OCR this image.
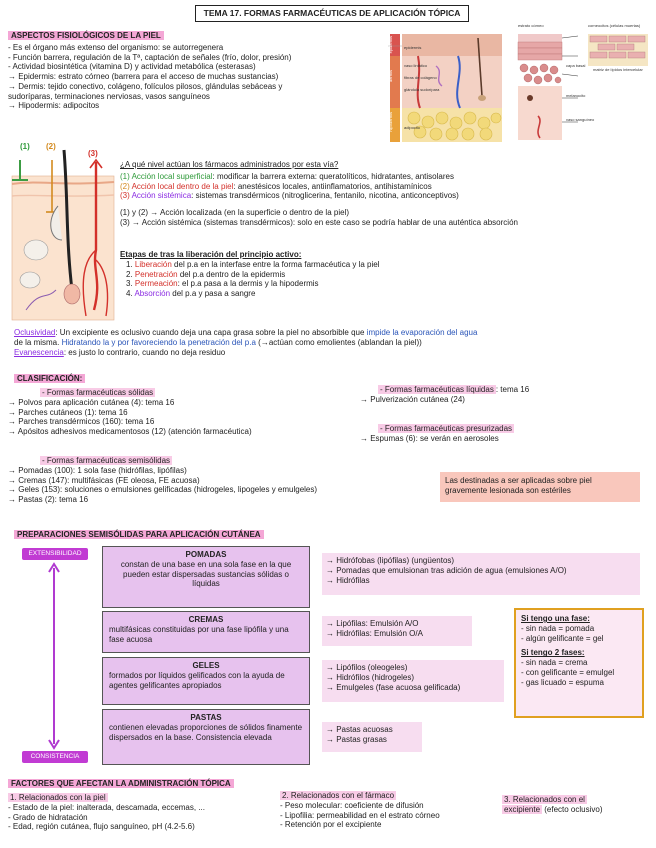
TEMA 17. FORMAS FARMACÉUTICAS DE APLICACIÓN TÓPICA
ASPECTOS FISIOLÓGICOS DE LA PIEL
- Es el órgano más extenso del organismo: se autorregenera
- Función barrera, regulación de la Tª, captación de señales (frío, dolor, presión)
- Actividad biosintética (vitamina D) y actividad metabólica (esterasas)
→ Epidermis: estrato córneo (barrera para el acceso de muchas sustancias)
→ Dermis: tejido conectivo, colágeno, folículos pilosos, glándulas sebáceas y
sudoríparas, terminaciones nerviosas, vasos sanguíneos
→ Hipodermis: adipocitos
estrato córneo	corneocitos (células muertas)
matriz de lípidos intercelular
capa basal
melanocito
vaso sanguíneo
epidermis
vaso linfático
fibras de colágeno
glándula sudorípara
adipocito
epidermis
dermis
hipodermis
(1) (2)
(3)
¿A qué nivel actúan los fármacos administrados por esta vía?
(1) Acción local superficial: modificar la barrera externa: queratolíticos, hidratantes, antisolares
(2) Acción local dentro de la piel: anestésicos locales, antiinflamatorios, antihistamínicos
(3) Acción sistémica: sistemas transdérmicos (nitroglicerina, fentanilo, nicotina, anticonceptivos)
(1) y (2) → Acción localizada (en la superficie o dentro de la piel)
(3) → Acción sistémica (sistemas transdérmicos): solo en este caso se podría hablar de una auténtica absorción
Etapas de tras la liberación del principio activo:
1. Liberación del p.a en la interfase entre la forma farmacéutica y la piel
2. Penetración del p.a dentro de la epidermis
3. Permeación: el p.a pasa a la dermis y la hipodermis
4. Absorción del p.a y pasa a sangre
Oclusividad: Un excipiente es oclusivo cuando deja una capa grasa sobre la piel no absorbible que impide la evaporación del agua
de la misma. Hidratando la y por favoreciendo la penetración del p.a (→actúan como emolientes (ablandan la piel))
Evanescencia: es justo lo contrario, cuando no deja residuo
CLASIFICACIÓN:
- Formas farmacéuticas sólidas
→ Polvos para aplicación cutánea (4): tema 16
→ Parches cutáneos (1): tema 16
→ Parches transdérmicos (160): tema 16
→ Apósitos adhesivos medicamentosos (12) (atención farmacéutica)
- Formas farmacéuticas líquidas : tema 16
→ Pulverización cutánea (24)
- Formas farmacéuticas presurizadas
→ Espumas (6): se verán en aerosoles
- Formas farmacéuticas semisólidas
→ Pomadas (100): 1 sola fase (hidrófilas, lipófilas)
→ Cremas (147): multifásicas (FE oleosa, FE acuosa)
→ Geles (153): soluciones o emulsiones gelificadas (hidrogeles, lipogeles y emulgeles)
→ Pastas (2): tema 16
Las destinadas a ser aplicadas sobre piel gravemente lesionada son estériles
PREPARACIONES SEMISÓLIDAS PARA APLICACIÓN CUTÁNEA
EXTENSIBILIDAD
CONSISTENCIA
POMADAS
constan de una base en una sola fase en la que pueden estar dispersadas sustancias sólidas o líquidas
CREMAS
multifásicas constituidas por una fase lipófila y una fase acuosa
GELES
formados por líquidos gelificados con la ayuda de agentes gelificantes apropiados
PASTAS
contienen elevadas proporciones de sólidos finamente dispersados en la base. Consistencia elevada
→ Hidrófobas (lipófilas) (ungüentos)
→ Pomadas que emulsionan tras adición de agua (emulsiones A/O)
→ Hidrófilas
→ Lipófilas: Emulsión A/O
→ Hidrófilas: Emulsión O/A
→ Lipófilos (oleogeles)
→ Hidrófilos (hidrogeles)
→ Emulgeles (fase acuosa gelificada)
→ Pastas acuosas
→ Pastas grasas
Si tengo una fase:
- sin nada = pomada
- algún gelificante = gel
Si tengo 2 fases:
- sin nada = crema
- con gelificante = emulgel
- gas licuado = espuma
FACTORES QUE AFECTAN LA ADMINISTRACIÓN TÓPICA
1. Relacionados con la piel
- Estado de la piel: inalterada, descamada, eccemas, ...
- Grado de hidratación
- Edad, región cutánea, flujo sanguíneo, pH (4.2-5.6)
2. Relacionados con el fármaco
- Peso molecular: coeficiente de difusión
- Lipofilia: permeabilidad en el estrato córneo
- Retención por el excipiente
3. Relacionados con el
excipiente (efecto oclusivo)
